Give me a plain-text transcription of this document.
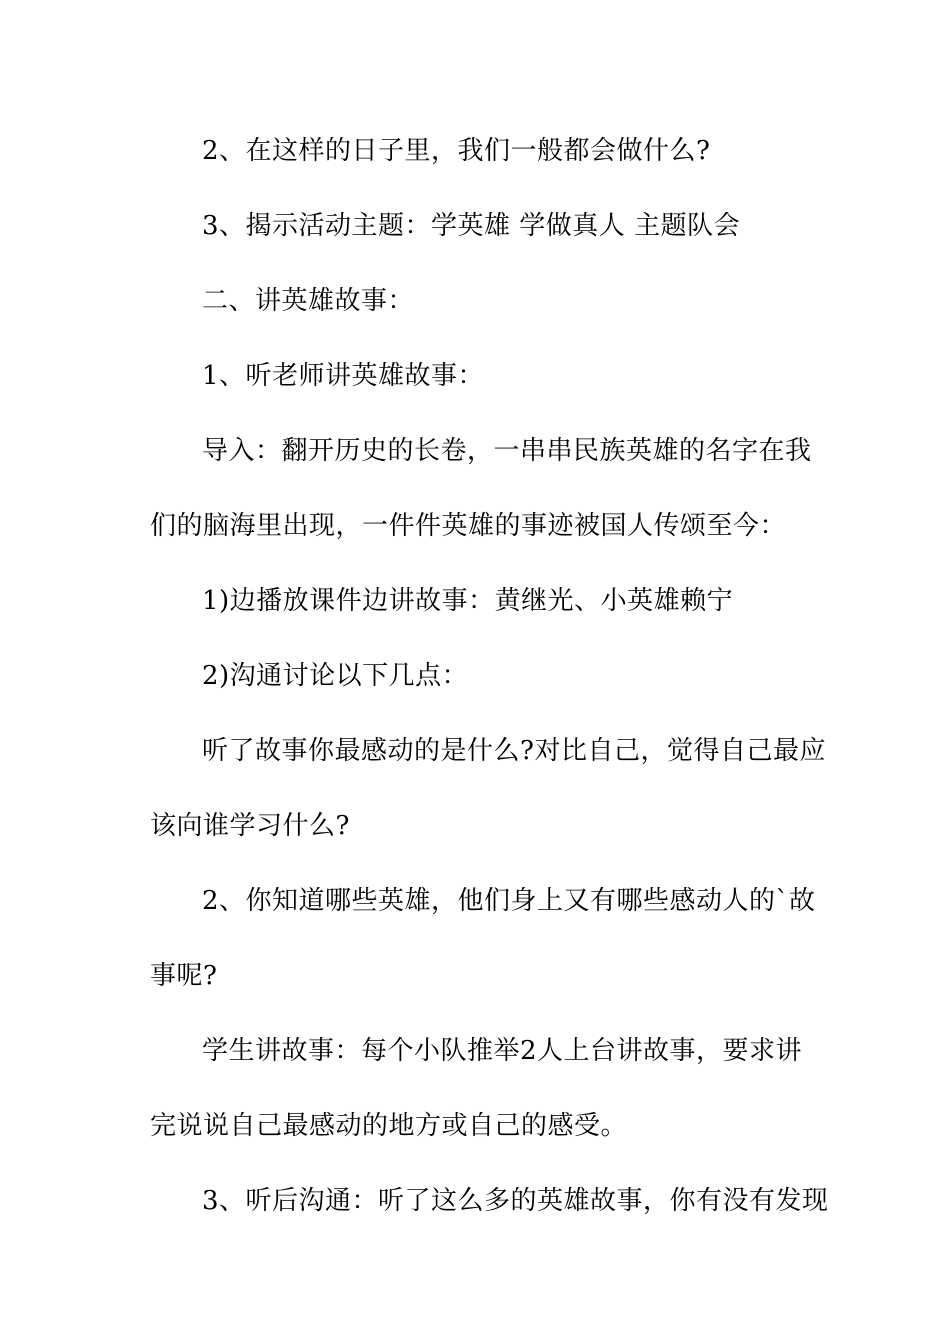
2、在这样的日子里，我们一般都会做什么?
3、揭示活动主题：学英雄 学做真人 主题队会
二、讲英雄故事：
1、听老师讲英雄故事：
导入：翻开历史的长卷，一串串民族英雄的名字在我
们的脑海里出现，一件件英雄的事迹被国人传颂至今：
1)边播放课件边讲故事：黄继光、小英雄赖宁
2)沟通讨论以下几点：
听了故事你最感动的是什么?对比自己，觉得自己最应
该向谁学习什么?
2、你知道哪些英雄，他们身上又有哪些感动人的`故
事呢?
学生讲故事：每个小队推举2人上台讲故事，要求讲
完说说自己最感动的地方或自己的感受。
3、听后沟通：听了这么多的英雄故事，你有没有发现
